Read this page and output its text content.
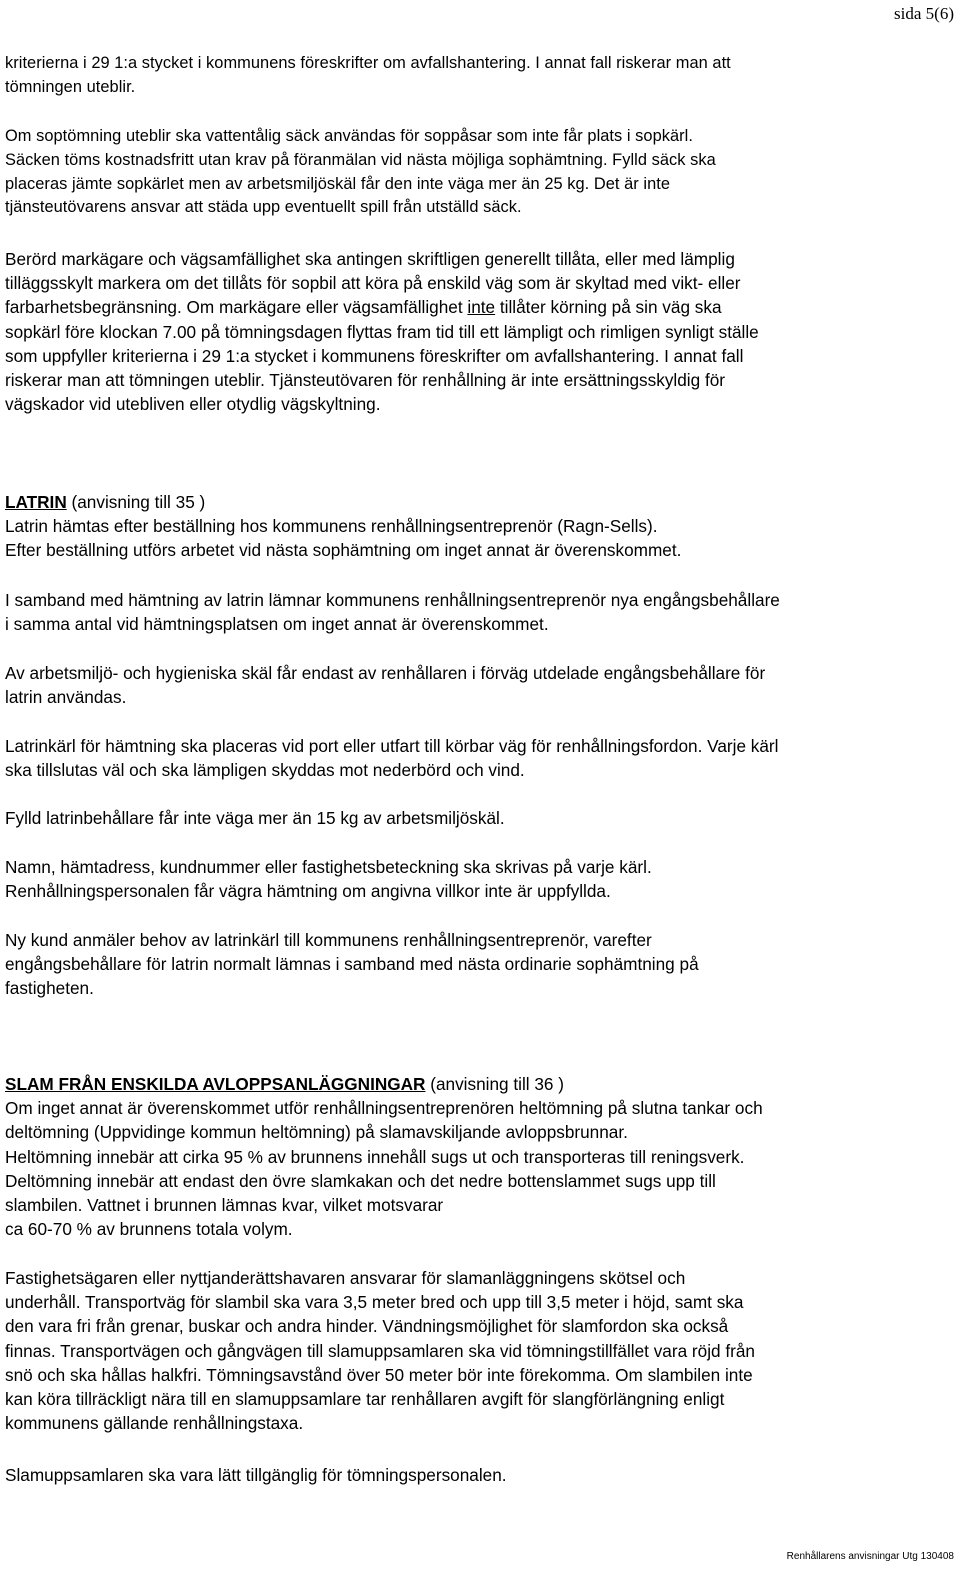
sida 5(6)
kriterierna i 29 1:a stycket i kommunens föreskrifter om avfallshantering. I annat fall riskerar man att
tömningen uteblir.
Om soptömning uteblir ska vattentålig säck användas för soppåsar som inte får plats i sopkärl.
Säcken töms kostnadsfritt utan krav på föranmälan vid nästa möjliga sophämtning. Fylld säck ska
placeras jämte sopkärlet men av arbetsmiljöskäl får den inte väga mer än 25 kg. Det är inte
tjänsteutövarens ansvar att städa upp eventuellt spill från utställd säck.
Berörd markägare och vägsamfällighet ska antingen skriftligen generellt tillåta, eller med lämplig
tilläggsskylt markera om det tillåts för sopbil att köra på enskild väg som är skyltad med vikt- eller
farbarhetsbegränsning. Om markägare eller vägsamfällighet inte tillåter körning på sin väg ska
sopkärl före klockan 7.00 på tömningsdagen flyttas fram tid till ett lämpligt och rimligen synligt ställe
som uppfyller kriterierna i 29 1:a stycket i kommunens föreskrifter om avfallshantering. I annat fall
riskerar man att tömningen uteblir. Tjänsteutövaren för renhållning är inte ersättningsskyldig för
vägskador vid utebliven eller otydlig vägskyltning.
LATRIN (anvisning till 35 )
Latrin hämtas efter beställning hos kommunens renhållningsentreprenör (Ragn-Sells).
Efter beställning utförs arbetet vid nästa sophämtning om inget annat är överenskommet.
I samband med hämtning av latrin lämnar kommunens renhållningsentreprenör nya engångsbehållare
i samma antal vid hämtningsplatsen om inget annat är överenskommet.
Av arbetsmiljö- och hygieniska skäl får endast av renhållaren i förväg utdelade engångsbehållare för
latrin användas.
Latrinkärl för hämtning ska placeras vid port eller utfart till körbar väg för renhållningsfordon. Varje kärl
ska tillslutas väl och ska lämpligen skyddas mot nederbörd och vind.
Fylld latrinbehållare får inte väga mer än 15 kg av arbetsmiljöskäl.
Namn, hämtadress, kundnummer eller fastighetsbeteckning ska skrivas på varje kärl.
Renhållningspersonalen får vägra hämtning om angivna villkor inte är uppfyllda.
Ny kund anmäler behov av latrinkärl till kommunens renhållningsentreprenör, varefter
engångsbehållare för latrin normalt lämnas i samband med nästa ordinarie sophämtning på
fastigheten.
SLAM FRÅN ENSKILDA AVLOPPSANLÄGGNINGAR (anvisning till 36 )
Om inget annat är överenskommet utför renhållningsentreprenören heltömning på slutna tankar och
deltömning (Uppvidinge kommun heltömning) på slamavskiljande avloppsbrunnar.
Heltömning innebär att cirka 95 % av brunnens innehåll sugs ut och transporteras till reningsverk.
Deltömning innebär att endast den övre slamkakan och det nedre bottenslammet sugs upp till
slambilen. Vattnet i brunnen lämnas kvar, vilket motsvarar
ca 60-70 % av brunnens totala volym.
Fastighetsägaren eller nyttjanderättshavaren ansvarar för slamanläggningens skötsel och
underhåll. Transportväg för slambil ska vara 3,5 meter bred och upp till 3,5 meter i höjd, samt ska
den vara fri från grenar, buskar och andra hinder. Vändningsmöjlighet för slamfordon ska också
finnas. Transportvägen och gångvägen till slamuppsamlaren ska vid tömningstillfället vara röjd från
snö och ska hållas halkfri. Tömningsavstånd över 50 meter bör inte förekomma. Om slambilen inte
kan köra tillräckligt nära till en slamuppsamlare tar renhållaren avgift för slangförlängning enligt
kommunens gällande renhållningstaxa.
Slamuppsamlaren ska vara lätt tillgänglig för tömningspersonalen.
Renhållarens anvisningar Utg 130408
